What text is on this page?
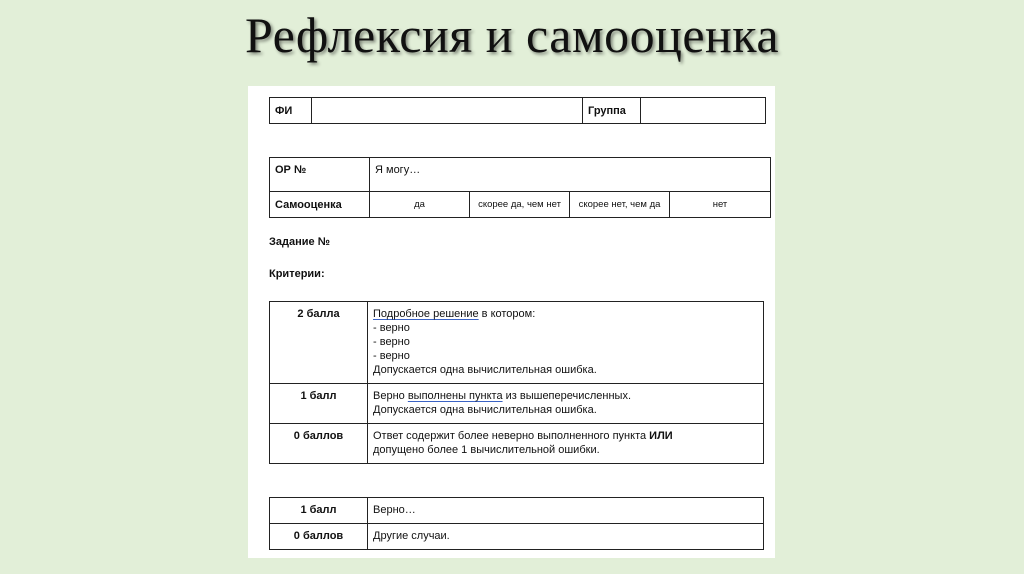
Рефлексия и самооценка
ФИ		Группа	
ОР №	Я могу…			
Самооценка	да	скорее да, чем нет	скорее нет, чем да	нет
Задание №
Критерии:
2 балла	Подробное решение в котором:
- верно
- верно
- верно
Допускается одна вычислительная ошибка.

1 балл	Верно выполнены пункта из вышеперечисленных.
Допускается одна вычислительная ошибка.

0 баллов	Ответ содержит более неверно выполненного пункта ИЛИ
допущено более 1 вычислительной ошибки.
1 балл	Верно…
0 баллов	Другие случаи.
